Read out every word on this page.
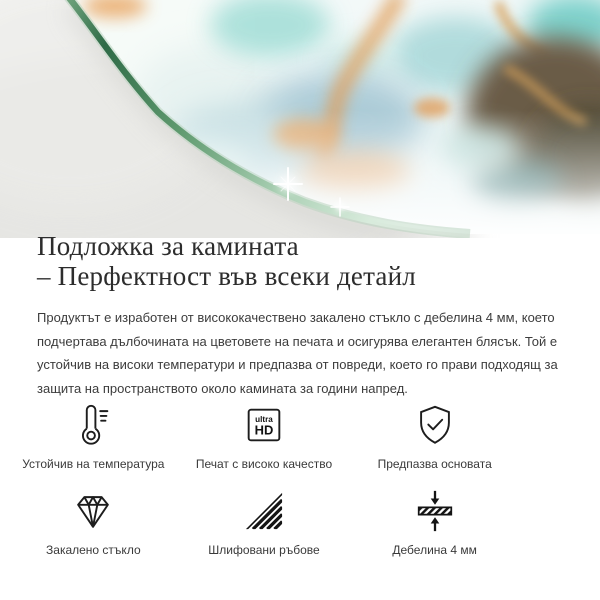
Подложка за камината
– Перфектност във всеки детайл
Продуктът е изработен от висококачествено закалено стъкло с дебелина 4 мм, което подчертава дълбочината на цветовете на печата и осигурява елегантен блясък. Той е устойчив на високи температури и предпазва от повреди, което го прави подходящ за защита на пространството около камината за години напред.
Устойчив на температура
ultra
HD
Печат с високо качество	Предпазва основата
Закалено стъкло	Шлифовани ръбове	Дебелина 4 мм
